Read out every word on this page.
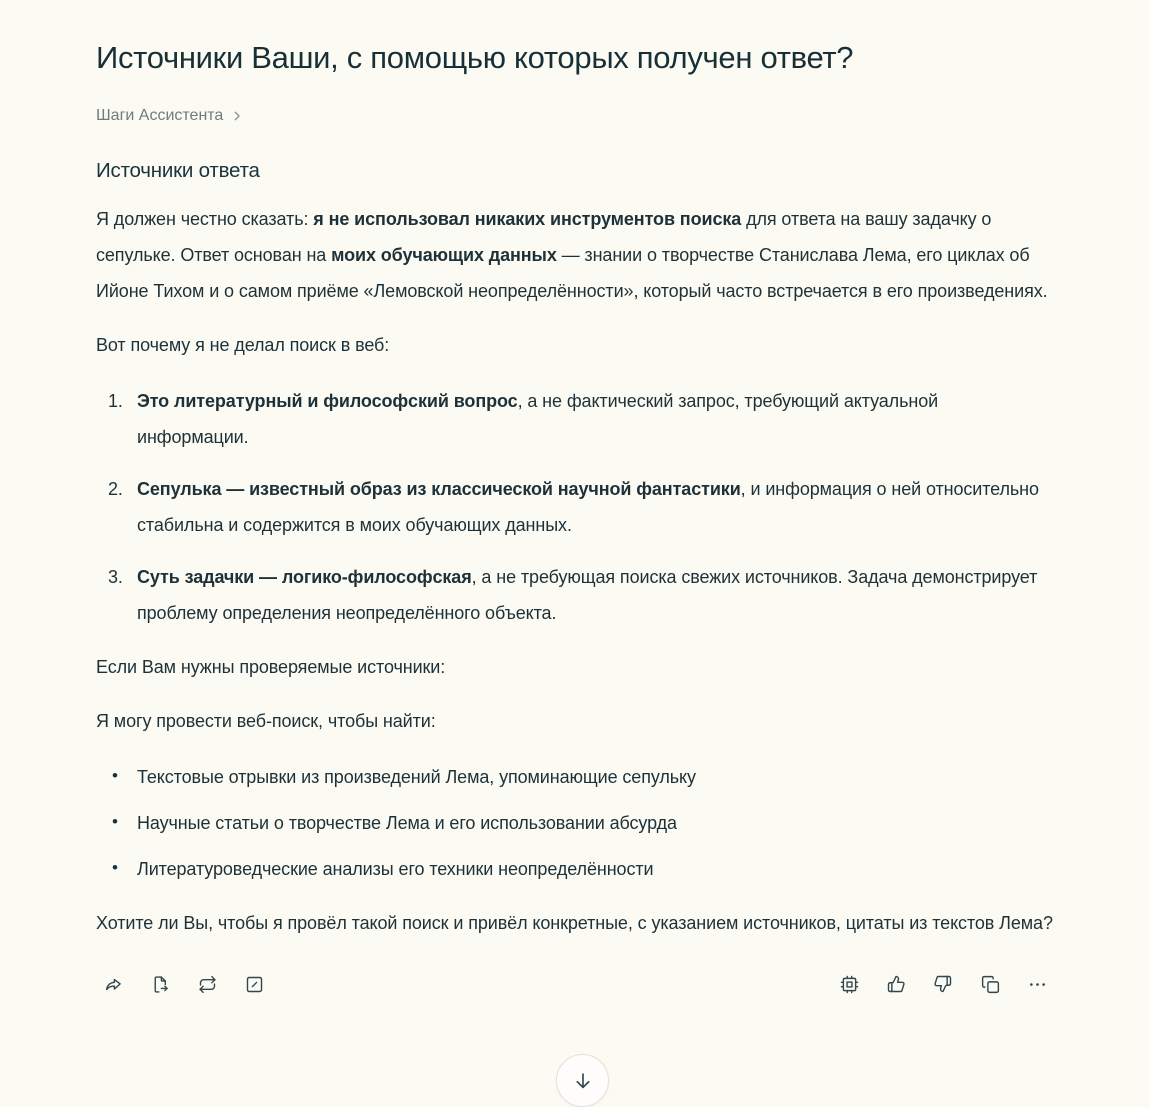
Источники Ваши, с помощью которых получен ответ?
Шаги Ассистента
Источники ответа

Я должен честно сказать: я не использовал никаких инструментов поиска для ответа на вашу задачку о сепульке. Ответ основан на моих обучающих данных — знании о творчестве Станислава Лема, его циклах об Ийоне Тихом и о самом приёме «Лемовской неопределённости», который часто встречается в его произведениях.

Вот почему я не делал поиск в веб:

1. Это литературный и философский вопрос, а не фактический запрос, требующий актуальной информации.
2. Сепулька — известный образ из классической научной фантастики, и информация о ней относительно стабильна и содержится в моих обучающих данных.
3. Суть задачки — логико-философская, а не требующая поиска свежих источников. Задача демонстрирует проблему определения неопределённого объекта.

Если Вам нужны проверяемые источники:

Я могу провести веб-поиск, чтобы найти:

• Текстовые отрывки из произведений Лема, упоминающие сепульку
• Научные статьи о творчестве Лема и его использовании абсурда
• Литературоведческие анализы его техники неопределённости

Хотите ли Вы, чтобы я провёл такой поиск и привёл конкретные, с указанием источников, цитаты из текстов Лема?
